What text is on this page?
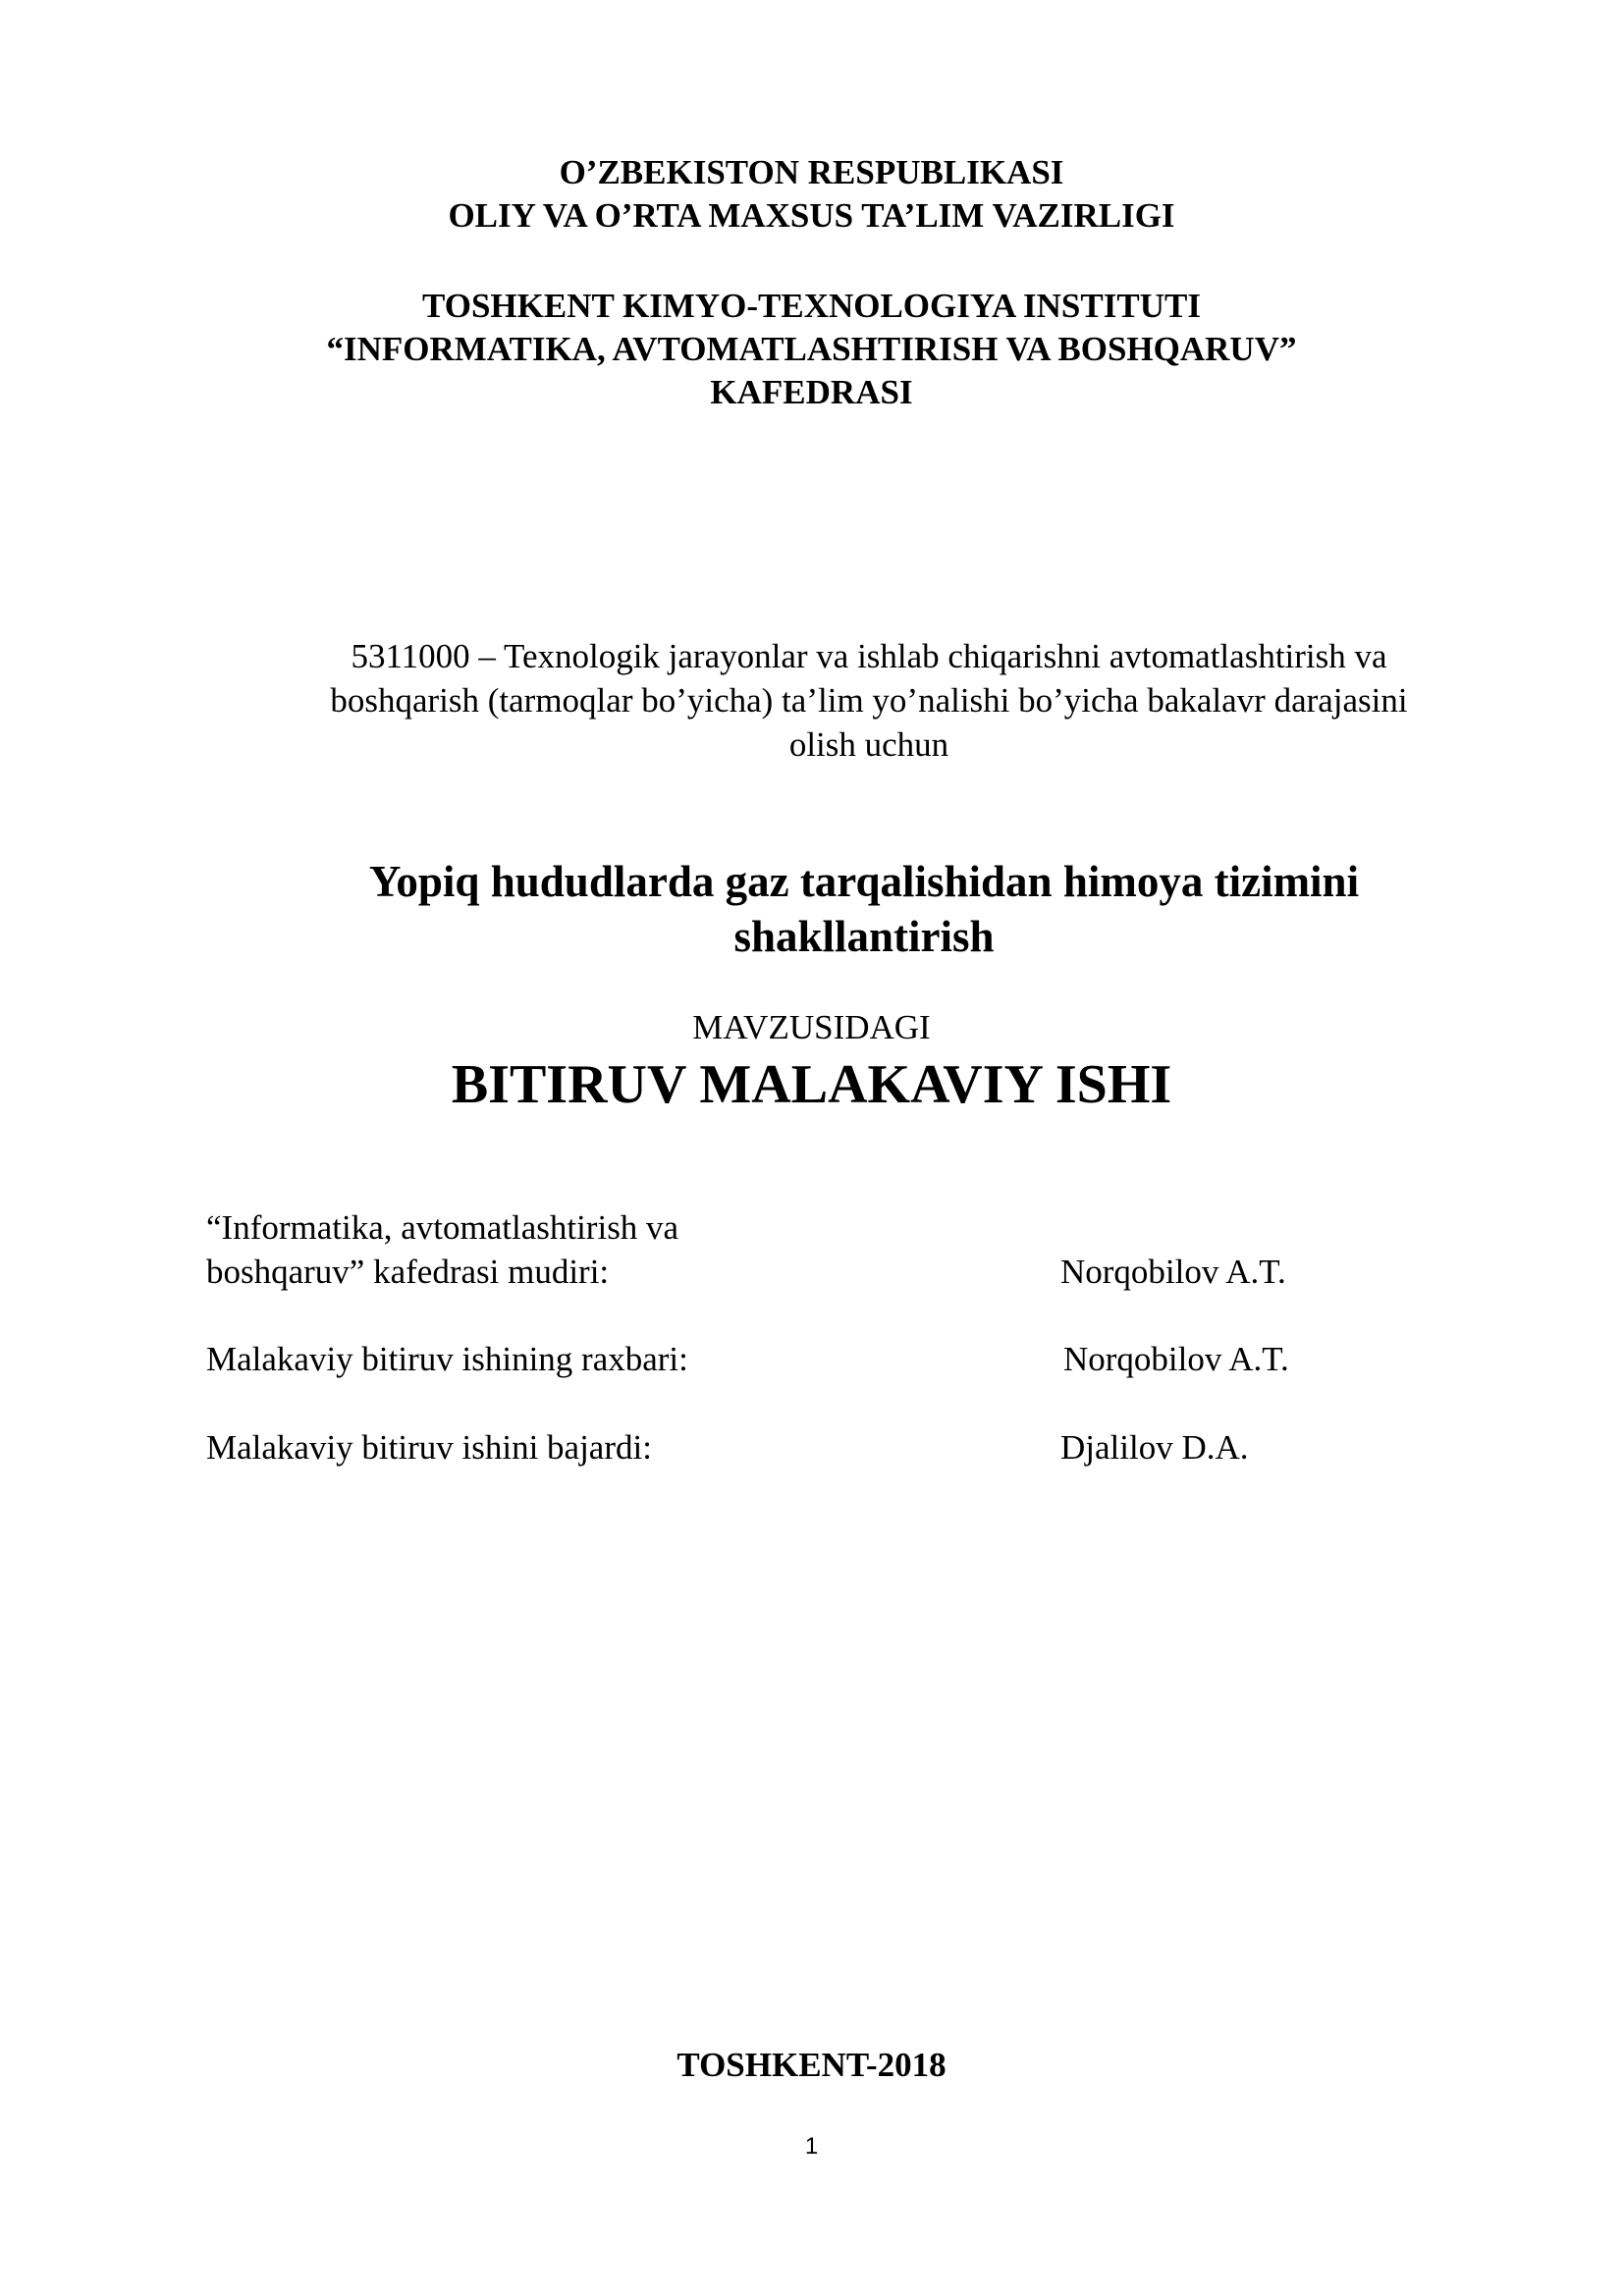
O’ZBEKISTON RESPUBLIKASI
OLIY VA O’RTA MAXSUS TA’LIM VAZIRLIGI
TOSHKENT KIMYO-TEXNOLOGIYA INSTITUTI
“INFORMATIKA, AVTOMATLASHTIRISH VA BOSHQARUV”
KAFEDRASI
5311000 – Texnologik jarayonlar va ishlab chiqarishni avtomatlashtirish va
boshqarish (tarmoqlar bo’yicha) ta’lim yo’nalishi bo’yicha bakalavr darajasini
olish uchun
Yopiq hududlarda gaz tarqalishidan himoya tizimini
shakllantirish
MAVZUSIDAGI
BITIRUV MALAKAVIY ISHI
“Informatika, avtomatlashtirish va
boshqaruv” kafedrasi mudiri:	Norqobilov A.T.
Malakaviy bitiruv ishining raxbari:	Norqobilov A.T.
Malakaviy bitiruv ishini bajardi:	Djalilov D.A.
TOSHKENT-2018
1
